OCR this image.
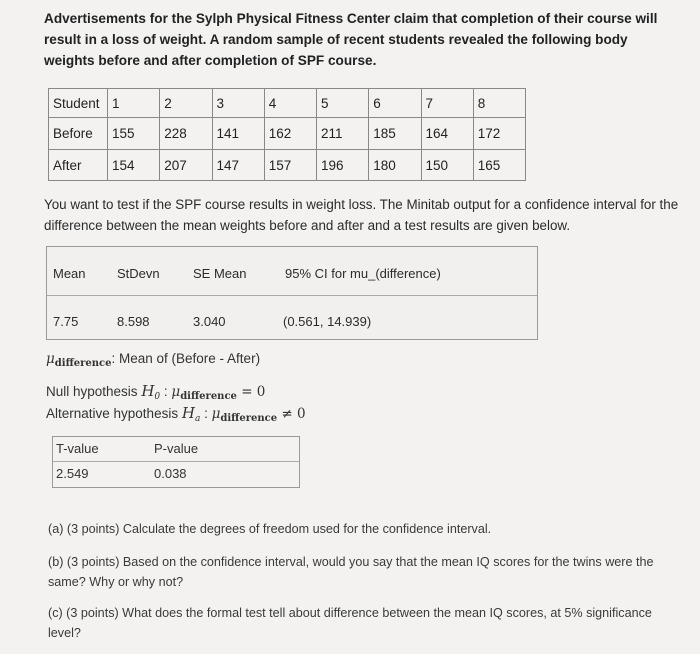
Advertisements for the Sylph Physical Fitness Center claim that completion of their course will result in a loss of weight. A random sample of recent students revealed the following body weights before and after completion of SPF course.
Student	1	2	3	4	5	6	7	8
Before	155	228	141	162	211	185	164	172
After	154	207	147	157	196	180	150	165
You want to test if the SPF course results in weight loss. The Minitab output for a confidence interval for the difference between the mean weights before and after and a test results are given below.
Mean StDevn	SE Mean	95% CI for mu_(difference)
7.75	8.598	3.040	(0.561, 14.939)
$\mu_{difference}$: Mean of (Before - After)
Null hypothesis $H_0$ : $\mu_{difference} = 0$
Alternative hypothesis $H_a$ : $\mu_{difference} \ne 0$
T-value	P-value
2.549	0.038
(a) (3 points) Calculate the degrees of freedom used for the confidence interval.
(b) (3 points) Based on the confidence interval, would you say that the mean IQ scores for the twins were the same? Why or why not?
(c) (3 points) What does the formal test tell about difference between the mean IQ scores, at 5% significance level?
